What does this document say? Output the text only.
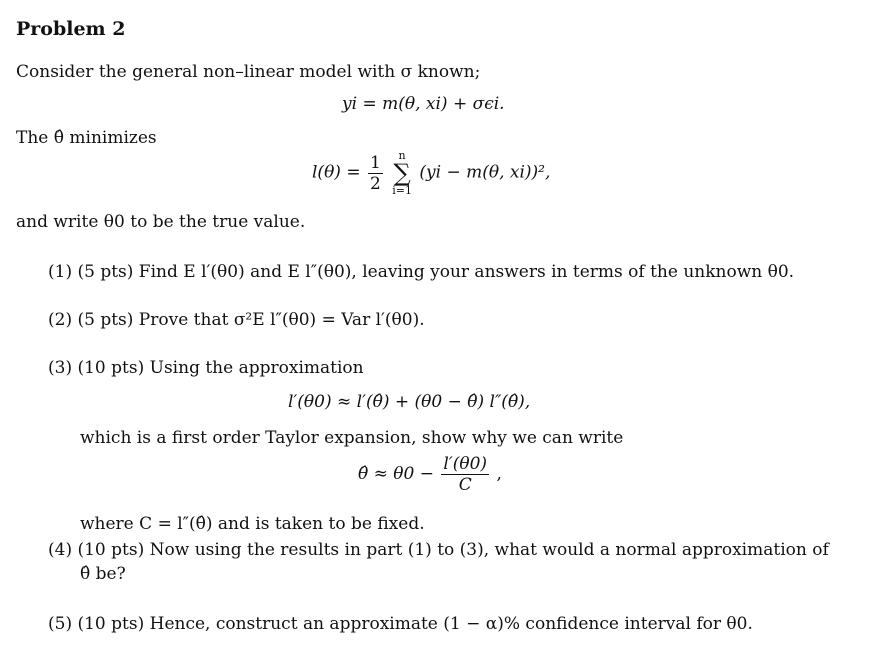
Problem 2
Consider the general non–linear model with σ known;
yi = m(θ, xi) + σϵi.
The θ̂ minimizes
$l(\theta) = \frac{1}{2}$
	n
∑
i=1
(yi − m(θ, xi))²,
and write θ0 to be the true value.
(1) (5 pts) Find E l′(θ0) and E l″(θ0), leaving your answers in terms of the unknown θ0.
(2) (5 pts) Prove that σ²E l″(θ0) = Var l′(θ0).
(3) (10 pts) Using the approximation
l′(θ0) ≈ l′(θ̂) + (θ0 − θ̂) l″(θ̂),
which is a first order Taylor expansion, show why we can write
θ̂ ≈ $\theta 0 - \frac{l'(\theta 0)}{C}$ ,
where C = l″(θ̂) and is taken to be fixed.
(4) (10 pts) Now using the results in part (1) to (3), what would a normal approximation of
θ̂ be?
(5) (10 pts) Hence, construct an approximate (1 − α)% confidence interval for θ0.
